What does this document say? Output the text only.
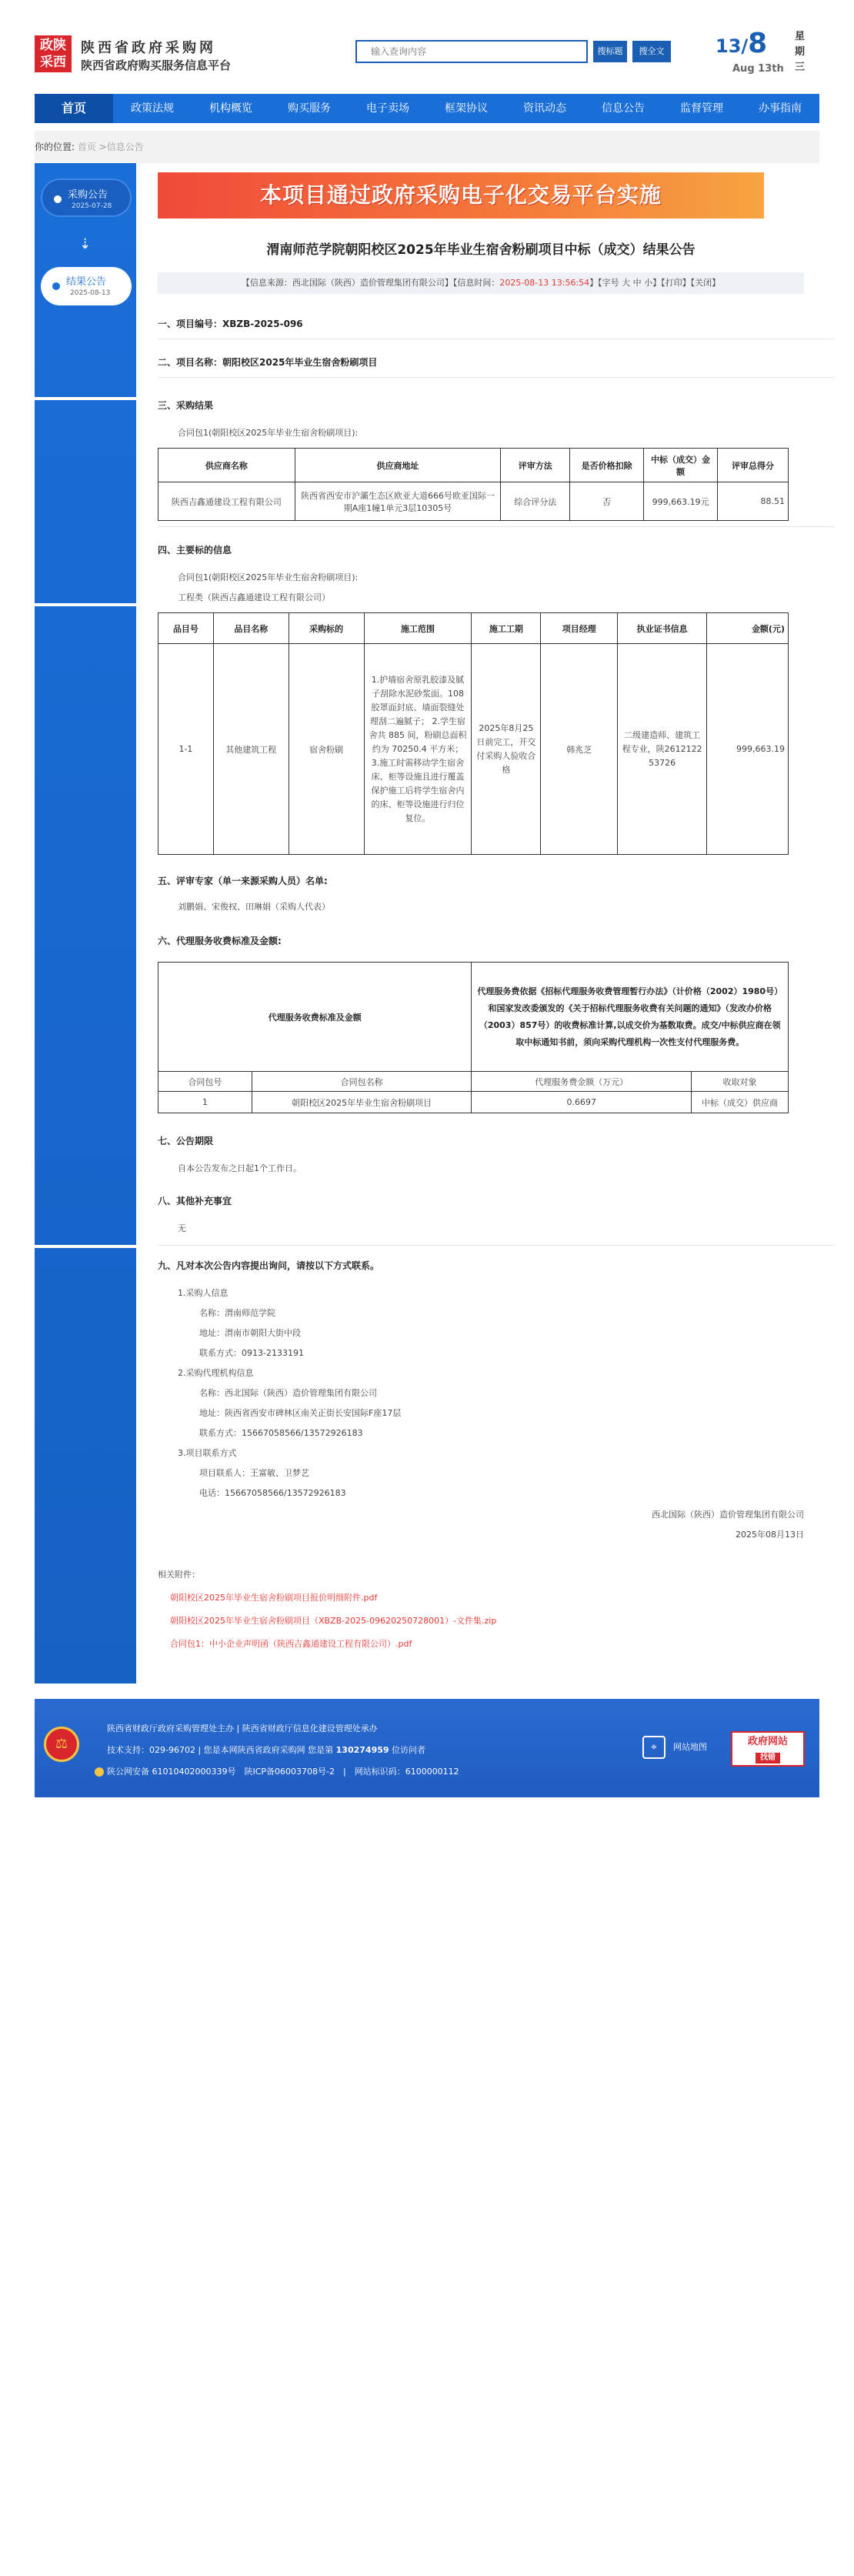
政陕
采西
陕西省政府采购网
陕西省政府购买服务信息平台
输入查询内容
搜标题	搜全文	13/8
Aug 13th
星期三
首页	政策法规	机构概览	购买服务	电子卖场	框架协议	资讯动态	信息公告	监督管理	办事指南
你的位置: 首页 >信息公告
采购公告
2025-07-28
⇣
结果公告
2025-08-13
本项目通过政府采购电子化交易平台实施
渭南师范学院朝阳校区2025年毕业生宿舍粉刷项目中标（成交）结果公告
【信息来源：西北国际（陕西）造价管理集团有限公司】【信息时间：2025-08-13 13:56:54】【字号 大 中 小】【打印】【关闭】
一、项目编号：XBZB-2025-096
二、项目名称：朝阳校区2025年毕业生宿舍粉刷项目
三、采购结果
合同包1(朝阳校区2025年毕业生宿舍粉刷项目):
供应商名称	供应商地址	评审方法	是否价格扣除	中标（成交）金额	评审总得分
陕西吉鑫通建设工程有限公司	陕西省西安市沪灞生态区欧亚大道666号欧亚国际一期A座1幢1单元3层10305号	综合评分法	否	999,663.19元	88.51
四、主要标的信息
合同包1(朝阳校区2025年毕业生宿舍粉刷项目):
工程类（陕西吉鑫通建设工程有限公司）
品目号	品目名称	采购标的	施工范围	施工工期	项目经理	执业证书信息	金额(元)
1-1	其他建筑工程	宿舍粉刷	1.护墙宿舍原乳胶漆及腻子刮除水泥砂浆面。108 胶罩面封底、墙面裂缝处理刮二遍腻子； 2.学生宿舍共 885 间，粉刷总面积约为 70250.4 平方米； 3.施工时需移动学生宿舍床、柜等设施且进行覆盖保护施工后将学生宿舍内的床、柜等设施进行归位复位。	2025年8月25日前完工，开交付采购人验收合格	韩兆芝	二级建造师、建筑工程专业，陕2612122 53726	999,663.19
五、评审专家（单一来源采购人员）名单:
刘鹏娟、宋俊权、田琳娟（采购人代表）
六、代理服务收费标准及金额:
代理服务收费标准及金额		代理服务费依据《招标代理服务收费管理暂行办法》（计价格（2002）1980号）和国家发改委颁发的《关于招标代理服务收费有关问题的通知》（发改办价格（2003）857号）的收费标准计算,以成交价为基数取费。成交/中标供应商在领取中标通知书前，须向采购代理机构一次性支付代理服务费。	
合同包号	合同包名称	代理服务费金额（万元）	收取对象
1	朝阳校区2025年毕业生宿舍粉刷项目	0.6697	中标（成交）供应商
七、公告期限
自本公告发布之日起1个工作日。
八、其他补充事宜
无
九、凡对本次公告内容提出询问，请按以下方式联系。
1.采购人信息
名称：渭南师范学院
地址：渭南市朝阳大街中段
联系方式：0913-2133191
2.采购代理机构信息
名称：西北国际（陕西）造价管理集团有限公司
地址：陕西省西安市碑林区南关正街长安国际F座17层
联系方式：15667058566/13572926183
3.项目联系方式
项目联系人：王富敏、卫梦艺
电话：15667058566/13572926183
西北国际（陕西）造价管理集团有限公司
2025年08月13日
相关附件：
朝阳校区2025年毕业生宿舍粉刷项目报价明细附件.pdf
朝阳校区2025年毕业生宿舍粉刷项目（XBZB-2025-09620250728001）-文件集.zip
合同包1：中小企业声明函（陕西吉鑫通建设工程有限公司）.pdf
⚖
陕西省财政厅政府采购管理处主办 | 陕西省财政厅信息化建设管理处承办
技术支持：029-96702 | 您是本网陕西省政府采购网 您是第 130274959 位访问者
陕公网安备 61010402000339号　陕ICP备06003708号-2　|　网站标识码：6100000112
⌖ 网站地图	政府网站
找错
